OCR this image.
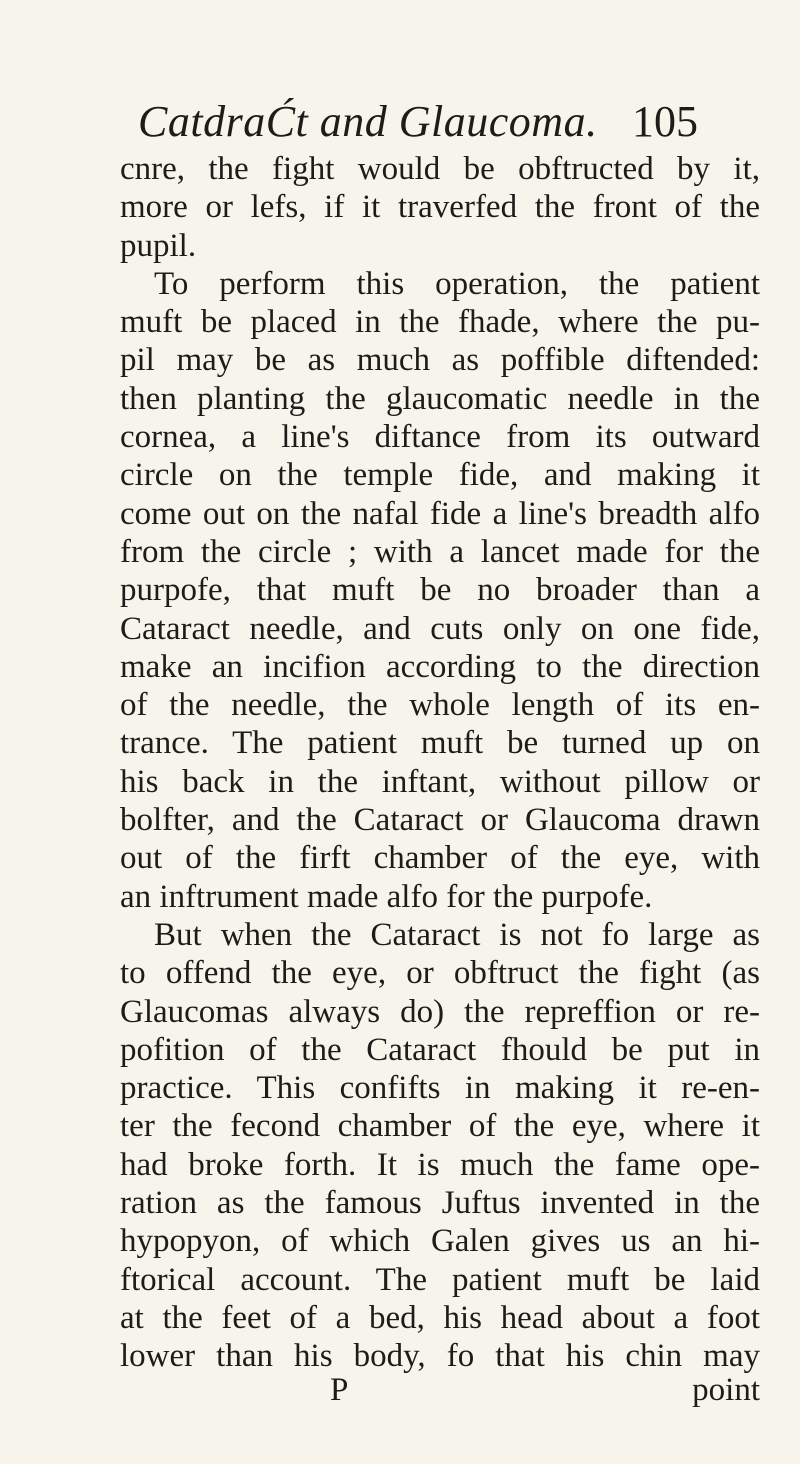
CatdraĆt and Glaucoma. 105
cnre, the fight would be obftructed by it,
more or lefs, if it traverfed the front of the
pupil.
To perform this operation, the patient
muft be placed in the fhade, where the pu-
pil may be as much as poffible diftended:
then planting the glaucomatic needle in the
cornea, a line's diftance from its outward
circle on the temple fide, and making it
come out on the nafal fide a line's breadth alfo
from the circle ; with a lancet made for the
purpofe, that muft be no broader than a
Cataract needle, and cuts only on one fide,
make an incifion according to the direction
of the needle, the whole length of its en-
trance. The patient muft be turned up on
his back in the inftant, without pillow or
bolfter, and the Cataract or Glaucoma drawn
out of the firft chamber of the eye, with
an inftrument made alfo for the purpofe.
But when the Cataract is not fo large as
to offend the eye, or obftruct the fight (as
Glaucomas always do) the repreffion or re-
pofition of the Cataract fhould be put in
practice. This confifts in making it re-en-
ter the fecond chamber of the eye, where it
had broke forth. It is much the fame ope-
ration as the famous Juftus invented in the
hypopyon, of which Galen gives us an hi-
ftorical account. The patient muft be laid
at the feet of a bed, his head about a foot
lower than his body, fo that his chin may
P	point
